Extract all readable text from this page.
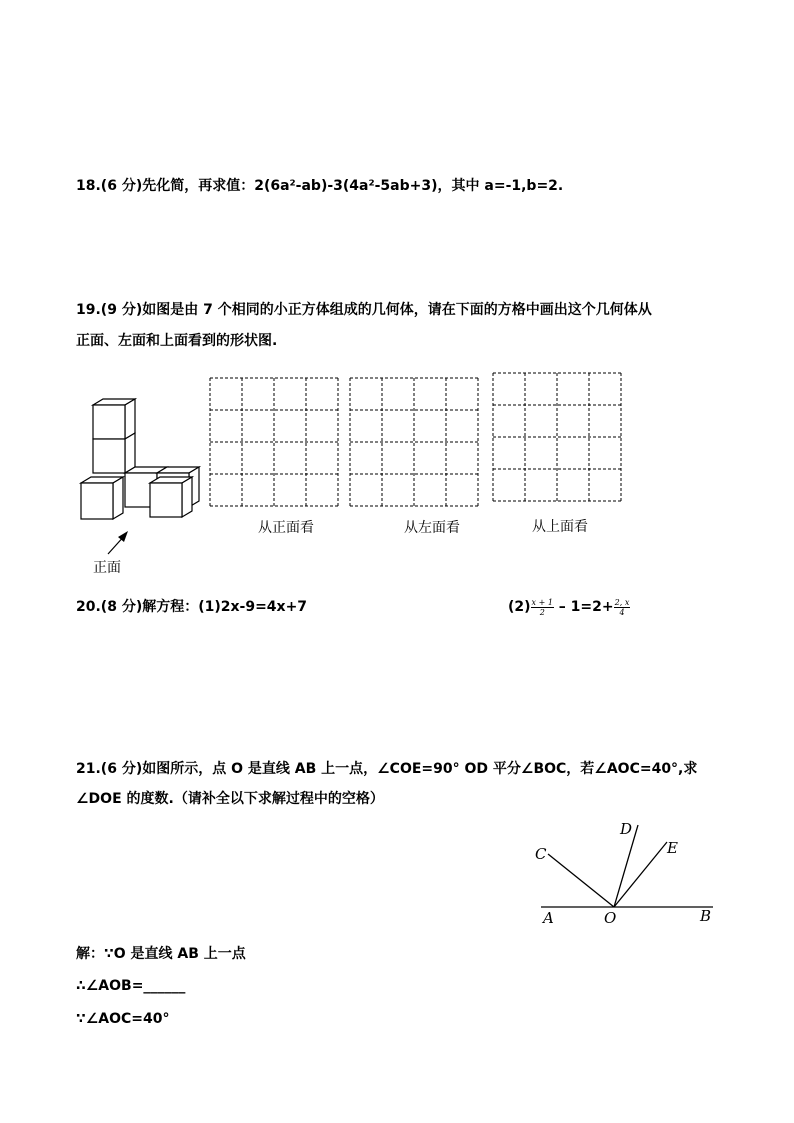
18.(6 分)先化简，再求值：2(6a²-ab)-3(4a²-5ab+3)，其中 a=-1,b=2.
19.(9 分)如图是由 7 个相同的小正方体组成的几何体，请在下面的方格中画出这个几何体从
正面、左面和上面看到的形状图.
正面
从正面看	从左面看	从上面看
20.(8 分)解方程：(1)2x-9=4x+7	$(2) \frac{x + 1}{2} - 1=2+ \frac{2, x}{4}$
21.(6 分)如图所示，点 O 是直线 AB 上一点，∠COE=90° OD 平分∠BOC，若∠AOC=40°,求
∠DOE 的度数.（请补全以下求解过程中的空格）
A	O	B
C
D
E
解：∵O 是直线 AB 上一点
∴∠AOB=______
∵∠AOC=40°
